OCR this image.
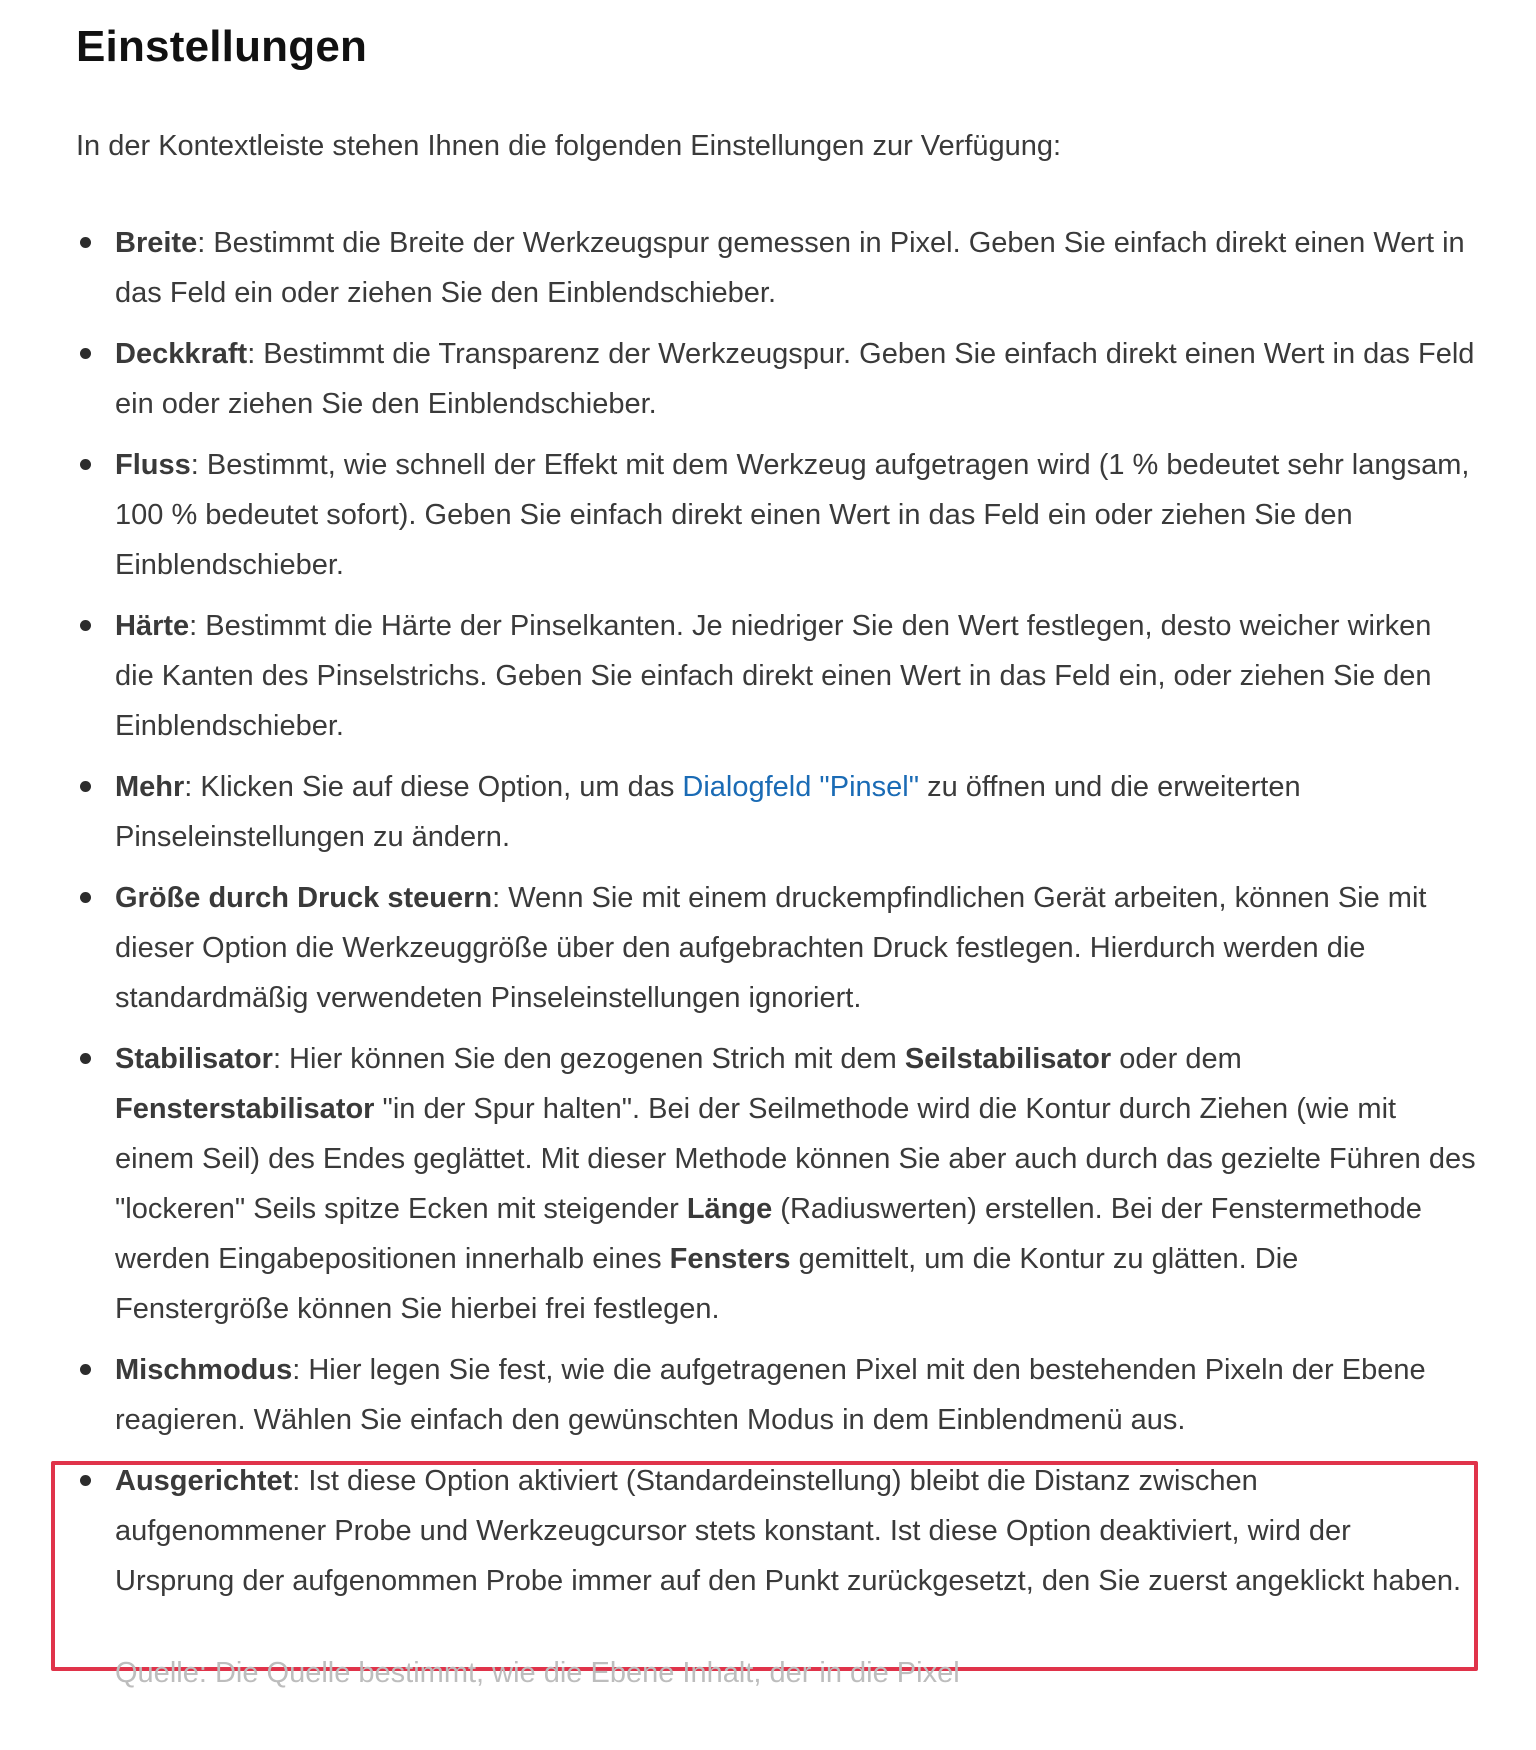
Einstellungen

In der Kontextleiste stehen Ihnen die folgenden Einstellungen zur Verfügung:

Breite: Bestimmt die Breite der Werkzeugspur gemessen in Pixel. Geben Sie einfach direkt einen Wert in das Feld ein oder ziehen Sie den Einblendschieber.
Deckkraft: Bestimmt die Transparenz der Werkzeugspur. Geben Sie einfach direkt einen Wert in das Feld ein oder ziehen Sie den Einblendschieber.
Fluss: Bestimmt, wie schnell der Effekt mit dem Werkzeug aufgetragen wird (1 % bedeutet sehr langsam, 100 % bedeutet sofort). Geben Sie einfach direkt einen Wert in das Feld ein oder ziehen Sie den Einblendschieber.
Härte: Bestimmt die Härte der Pinselkanten. Je niedriger Sie den Wert festlegen, desto weicher wirken die Kanten des Pinselstrichs. Geben Sie einfach direkt einen Wert in das Feld ein, oder ziehen Sie den Einblendschieber.
Mehr: Klicken Sie auf diese Option, um das Dialogfeld "Pinsel" zu öffnen und die erweiterten Pinseleinstellungen zu ändern.
Größe durch Druck steuern: Wenn Sie mit einem druckempfindlichen Gerät arbeiten, können Sie mit dieser Option die Werkzeuggröße über den aufgebrachten Druck festlegen. Hierdurch werden die standardmäßig verwendeten Pinseleinstellungen ignoriert.
Stabilisator: Hier können Sie den gezogenen Strich mit dem Seilstabilisator oder dem Fensterstabilisator "in der Spur halten". Bei der Seilmethode wird die Kontur durch Ziehen (wie mit einem Seil) des Endes geglättet. Mit dieser Methode können Sie aber auch durch das gezielte Führen des "lockeren" Seils spitze Ecken mit steigender Länge (Radiuswerten) erstellen. Bei der Fenstermethode werden Eingabepositionen innerhalb eines Fensters gemittelt, um die Kontur zu glätten. Die Fenstergröße können Sie hierbei frei festlegen.
Mischmodus: Hier legen Sie fest, wie die aufgetragenen Pixel mit den bestehenden Pixeln der Ebene reagieren. Wählen Sie einfach den gewünschten Modus in dem Einblendmenü aus.
Ausgerichtet: Ist diese Option aktiviert (Standardeinstellung) bleibt die Distanz zwischen aufgenommener Probe und Werkzeugcursor stets konstant. Ist diese Option deaktiviert, wird der Ursprung der aufgenommen Probe immer auf den Punkt zurückgesetzt, den Sie zuerst angeklickt haben.
Quelle: Die Quelle bestimmt, wie die Ebene Inhalt, der in die Pixel
